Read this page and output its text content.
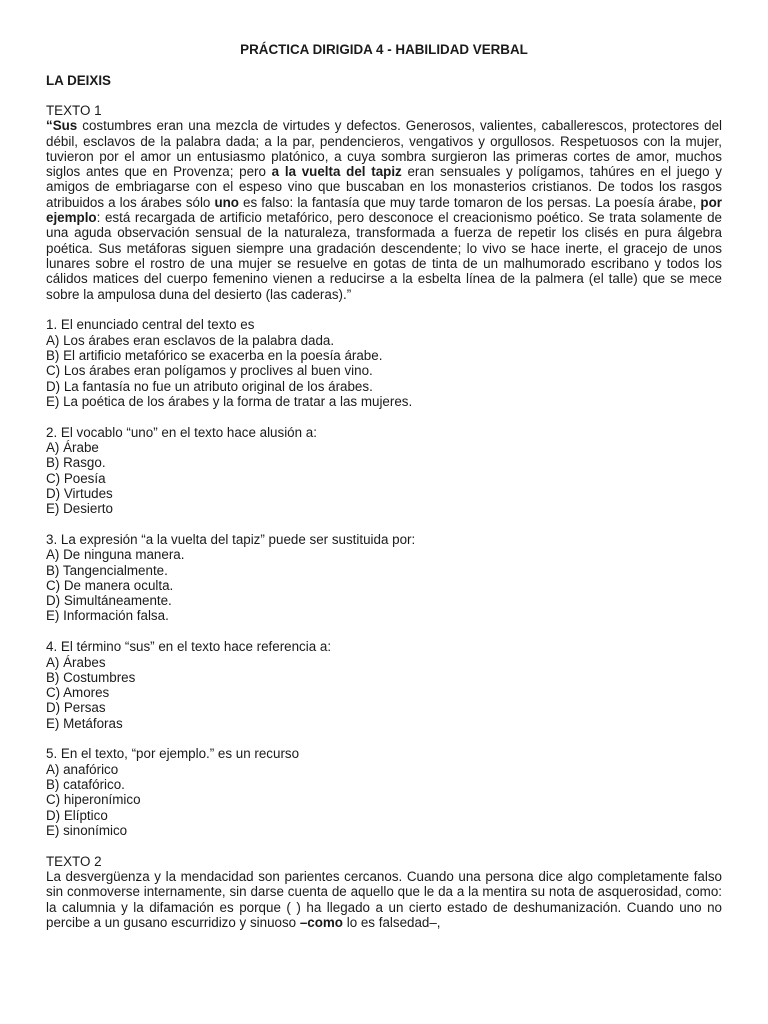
PRÁCTICA DIRIGIDA 4 - HABILIDAD VERBAL
LA DEIXIS
TEXTO 1

“Sus costumbres eran una mezcla de virtudes y defectos. Generosos, valientes, caballerescos, protectores del débil, esclavos de la palabra dada; a la par, pendencieros, vengativos y orgullosos. Respetuosos con la mujer, tuvieron por el amor un entusiasmo platónico, a cuya sombra surgieron las primeras cortes de amor, muchos siglos antes que en Provenza; pero a la vuelta del tapiz eran sensuales y polígamos, tahúres en el juego y amigos de embriagarse con el espeso vino que buscaban en los monasterios cristianos. De todos los rasgos atribuidos a los árabes sólo uno es falso: la fantasía que muy tarde tomaron de los persas. La poesía árabe, por ejemplo: está recargada de artificio metafórico, pero desconoce el creacionismo poético. Se trata solamente de una aguda observación sensual de la naturaleza, transformada a fuerza de repetir los clisés en pura álgebra poética. Sus metáforas siguen siempre una gradación descendente; lo vivo se hace inerte, el gracejo de unos lunares sobre el rostro de una mujer se resuelve en gotas de tinta de un malhumorado escribano y todos los cálidos matices del cuerpo femenino vienen a reducirse a la esbelta línea de la palmera (el talle) que se mece sobre la ampulosa duna del desierto (las caderas).”

1. El enunciado central del texto es
A) Los árabes eran esclavos de la palabra dada.
B) El artificio metafórico se exacerba en la poesía árabe.
C) Los árabes eran polígamos y proclives al buen vino.
D) La fantasía no fue un atributo original de los árabes.
E) La poética de los árabes y la forma de tratar a las mujeres.
2. El vocablo “uno” en el texto hace alusión a:
A) Árabe
B) Rasgo.
C) Poesía
D) Virtudes
E) Desierto
3. La expresión “a la vuelta del tapiz” puede ser sustituida por:
A) De ninguna manera.
B) Tangencialmente.
C) De manera oculta.
D) Simultáneamente.
E) Información falsa.
4. El término “sus” en el texto hace referencia a:
A) Árabes
B) Costumbres
C) Amores
D) Persas
E) Metáforas
5. En el texto, “por ejemplo.” es un recurso
A) anafórico
B) catafórico.
C) hiperonímico
D) Elíptico
E) sinonímico
TEXTO 2

La desvergüenza y la mendacidad son parientes cercanos. Cuando una persona dice algo completamente falso sin conmoverse internamente, sin darse cuenta de aquello que le da a la mentira su nota de asquerosidad, como: la calumnia y la difamación es porque ( ) ha llegado a un cierto estado de deshumanización. Cuando uno no percibe a un gusano escurridizo y sinuoso –como lo es falsedad–,
